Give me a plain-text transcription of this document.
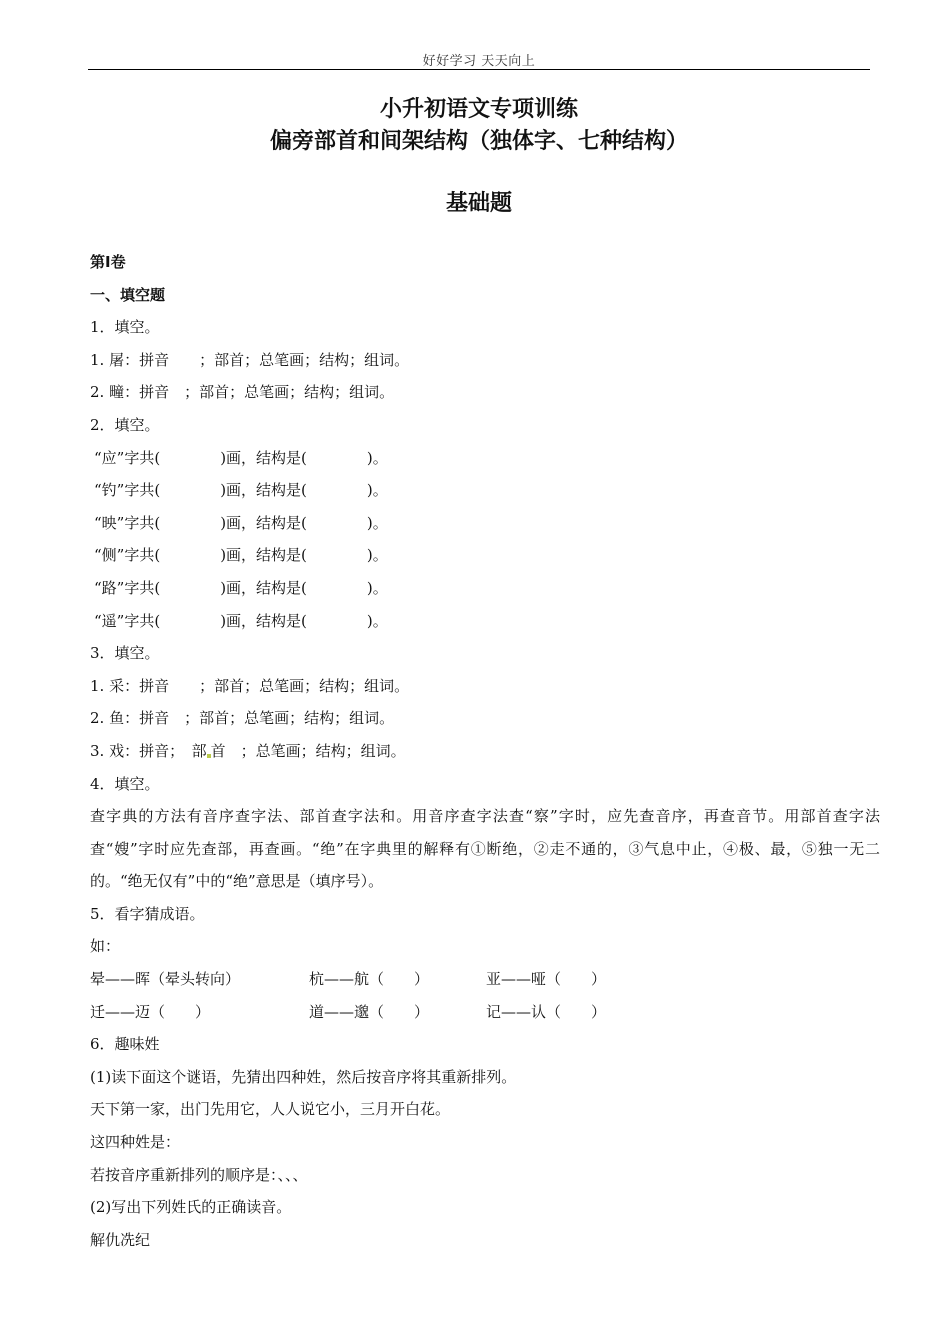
好好学习 天天向上
小升初语文专项训练
偏旁部首和间架结构（独体字、七种结构）
基础题
第I卷
一、填空题
1．填空。
1. 屠：拼音　　；部首；总笔画；结构；组词。
2. 疃：拼音　；部首；总笔画；结构；组词。
2．填空。
“应”字共(　　　　)画，结构是(　　　　)。
“钓”字共(　　　　)画，结构是(　　　　)。
“映”字共(　　　　)画，结构是(　　　　)。
“侧”字共(　　　　)画，结构是(　　　　)。
“路”字共(　　　　)画，结构是(　　　　)。
“遥”字共(　　　　)画，结构是(　　　　)。
3．填空。
1. 采：拼音　　；部首；总笔画；结构；组词。
2. 鱼：拼音　；部首；总笔画；结构；组词。
3. 戏：拼音；　部 首　；总笔画；结构；组词。
4．填空。
查字典的方法有音序查字法、部首查字法和。用音序查字法查“察”字时，应先查音序，再查音节。用部首查字法查“嫂”字时应先查部，再查画。“绝”在字典里的解释有①断绝，②走不通的，③气息中止，④极、最，⑤独一无二的。“绝无仅有”中的“绝”意思是（填序号）。
5．看字猜成语。
如：
晕——晖（晕头转向）	杭——航（　　）	亚——哑（　　）
迁——迈（　　）	道——邈（　　）	记——认（　　）
6．趣味姓
(1)读下面这个谜语，先猜出四种姓，然后按音序将其重新排列。
天下第一家，出门先用它，人人说它小，三月开白花。
这四种姓是：
若按音序重新排列的顺序是：、、、
(2)写出下列姓氏的正确读音。
解仇冼纪
